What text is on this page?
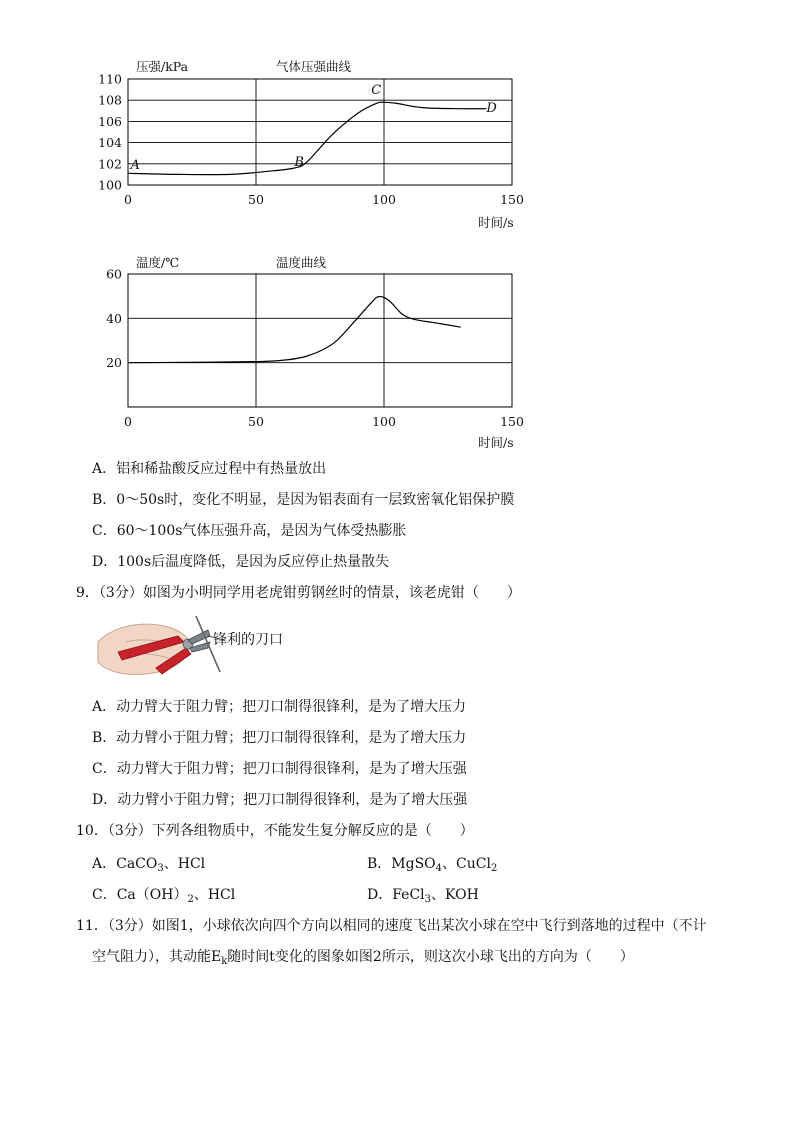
100
102
104
106
108
110
0	50	100	150
A	B
C
D
压强/kPa	气体压强曲线
时间/s
20
40
60
0	50	100	150
温度/℃	温度曲线
时间/s
A．铝和稀盐酸反应过程中有热量放出
B．0～50s时，变化不明显，是因为铝表面有一层致密氧化铝保护膜
C．60～100s气体压强升高，是因为气体受热膨胀
D．100s后温度降低，是因为反应停止热量散失
9．（3分）如图为小明同学用老虎钳剪钢丝时的情景，该老虎钳（　　）
锋利的刀口
A．动力臂大于阻力臂；把刀口制得很锋利，是为了增大压力
B．动力臂小于阻力臂；把刀口制得很锋利，是为了增大压力
C．动力臂大于阻力臂；把刀口制得很锋利，是为了增大压强
D．动力臂小于阻力臂；把刀口制得很锋利，是为了增大压强
10．（3分）下列各组物质中，不能发生复分解反应的是（　　）
A．CaCO$_3$、HCl	B．MgSO$_4$、CuCl$_2$
C．$Ca(OH)_2$、HCl	D．FeCl$_3$、KOH
11．（3分）如图1，小球依次向四个方向以相同的速度飞出某次小球在空中飞行到落地的过程中（不计
空气阻力），其动能$E_k$随时间t变化的图象如图2所示，则这次小球飞出的方向为（　　）
